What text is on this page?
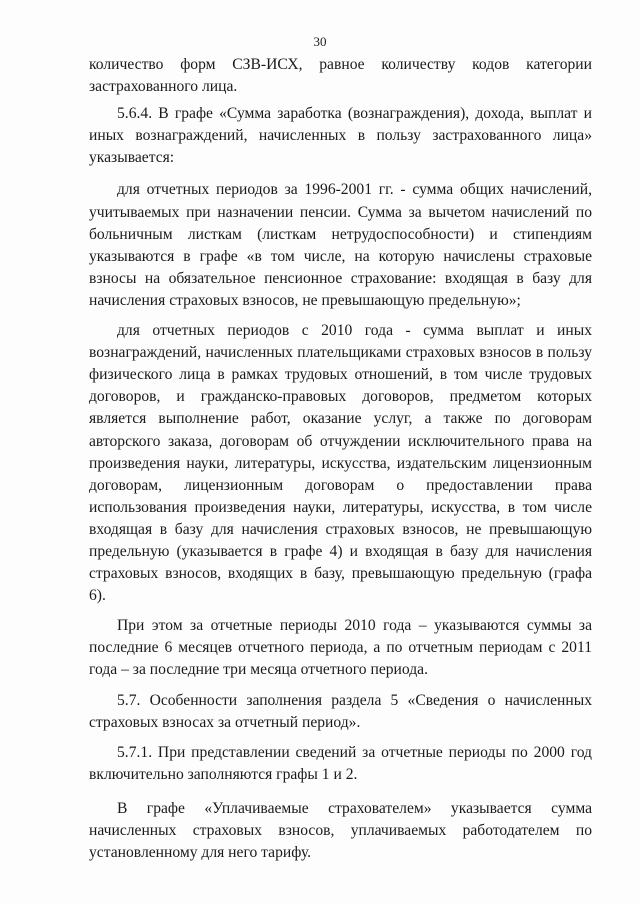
30

количество форм СЗВ-ИСХ, равное количеству кодов категории застрахованного лица.

5.6.4. В графе «Сумма заработка (вознаграждения), дохода, выплат и иных вознаграждений, начисленных в пользу застрахованного лица» указывается:

для отчетных периодов за 1996-2001 гг. - сумма общих начислений, учитываемых при назначении пенсии. Сумма за вычетом начислений по больничным листкам (листкам нетрудоспособности) и стипендиям указываются в графе «в том числе, на которую начислены страховые взносы на обязательное пенсионное страхование: входящая в базу для начисления страховых взносов, не превышающую предельную»;

для отчетных периодов с 2010 года - сумма выплат и иных вознаграждений, начисленных плательщиками страховых взносов в пользу физического лица в рамках трудовых отношений, в том числе трудовых договоров, и гражданско-правовых договоров, предметом которых является выполнение работ, оказание услуг, а также по договорам авторского заказа, договорам об отчуждении исключительного права на произведения науки, литературы, искусства, издательским лицензионным договорам, лицензионным договорам о предоставлении права использования произведения науки, литературы, искусства, в том числе входящая в базу для начисления страховых взносов, не превышающую предельную (указывается в графе 4) и входящая в базу для начисления страховых взносов, входящих в базу, превышающую предельную (графа 6).

При этом за отчетные периоды 2010 года – указываются суммы за последние 6 месяцев отчетного периода, а по отчетным периодам с 2011 года – за последние три месяца отчетного периода.

5.7. Особенности заполнения раздела 5 «Сведения о начисленных страховых взносах за отчетный период».

5.7.1. При представлении сведений за отчетные периоды по 2000 год включительно заполняются графы 1 и 2.

В графе «Уплачиваемые страхователем» указывается сумма начисленных страховых взносов, уплачиваемых работодателем по установленному для него тарифу.
